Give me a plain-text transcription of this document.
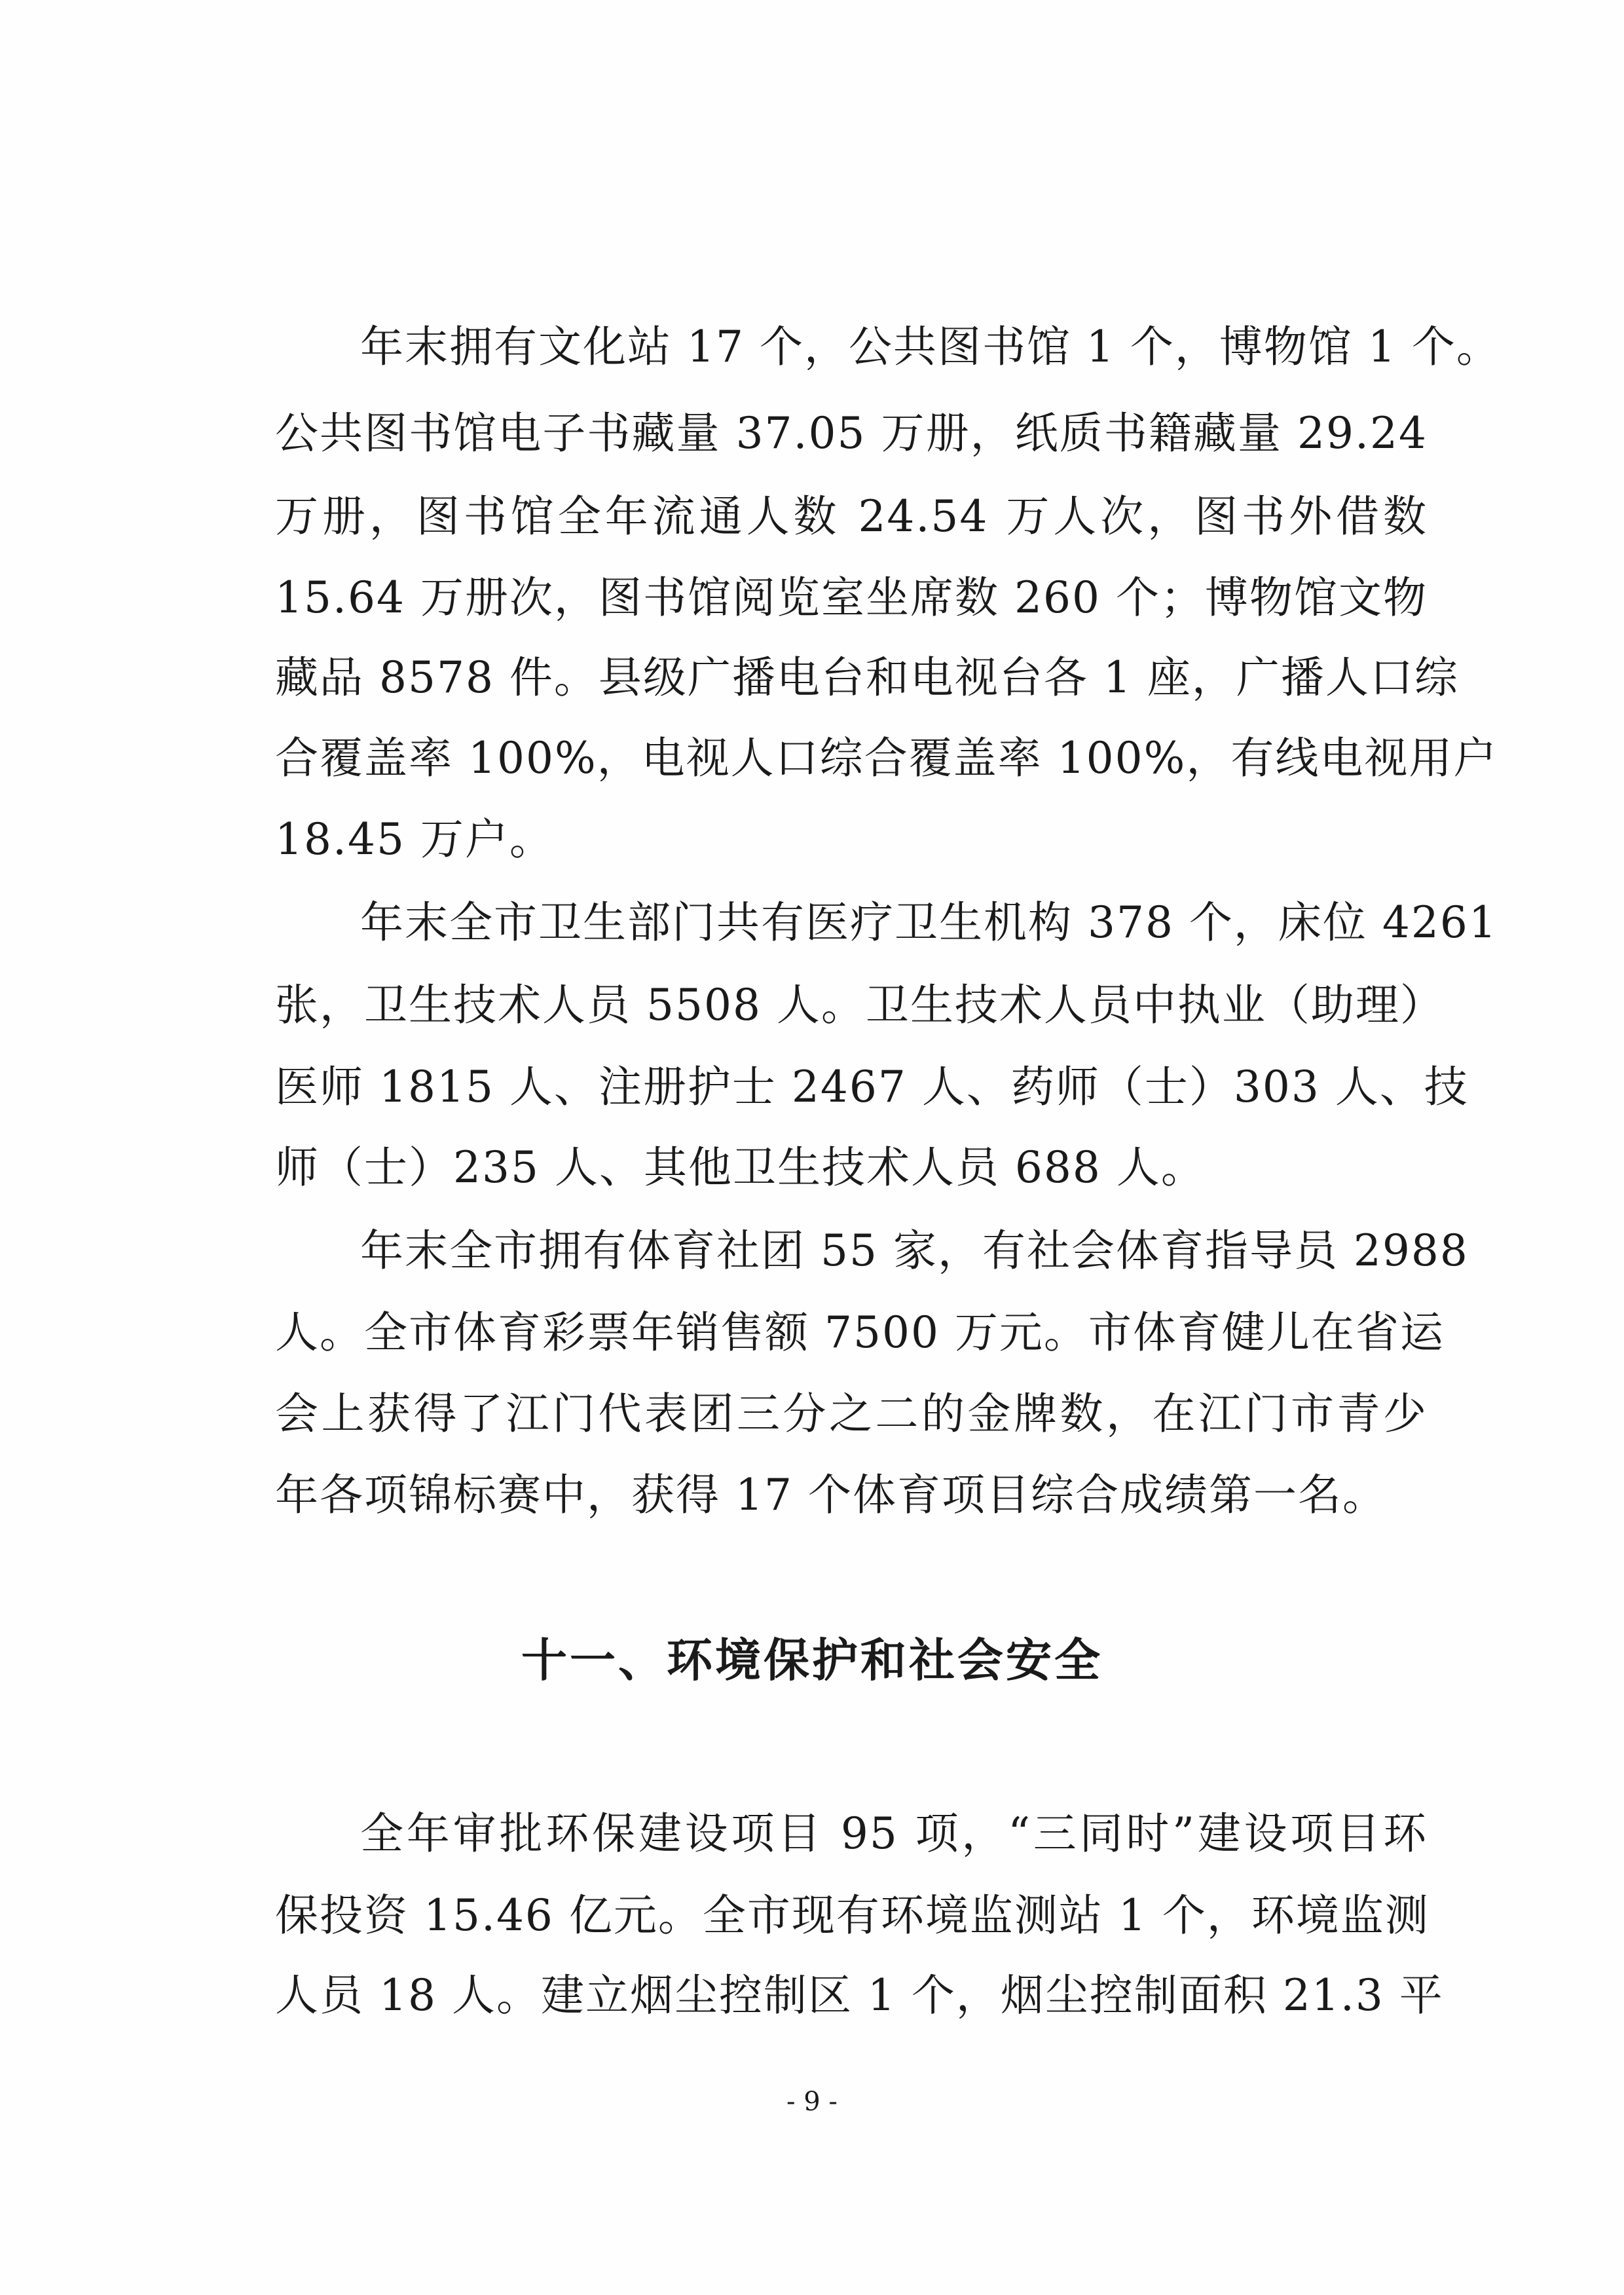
年末拥有文化站 17 个，公共图书馆 1 个，博物馆 1 个。
公共图书馆电子书藏量 37.05 万册，纸质书籍藏量 29.24
万册，图书馆全年流通人数 24.54 万人次，图书外借数
15.64 万册次，图书馆阅览室坐席数 260 个；博物馆文物
藏品 8578 件。县级广播电台和电视台各 1 座，广播人口综
合覆盖率 100%，电视人口综合覆盖率 100%，有线电视用户
18.45 万户。
年末全市卫生部门共有医疗卫生机构 378 个，床位 4261
张，卫生技术人员 5508 人。卫生技术人员中执业（助理）
医师 1815 人、注册护士 2467 人、药师（士）303 人、技
师（士）235 人、其他卫生技术人员 688 人。
年末全市拥有体育社团 55 家，有社会体育指导员 2988
人。全市体育彩票年销售额 7500 万元。市体育健儿在省运
会上获得了江门代表团三分之二的金牌数，在江门市青少
年各项锦标赛中，获得 17 个体育项目综合成绩第一名。
十一、环境保护和社会安全
全年审批环保建设项目 95 项，“三同时”建设项目环
保投资 15.46 亿元。全市现有环境监测站 1 个，环境监测
人员 18 人。建立烟尘控制区 1 个，烟尘控制面积 21.3 平
- 9 -
